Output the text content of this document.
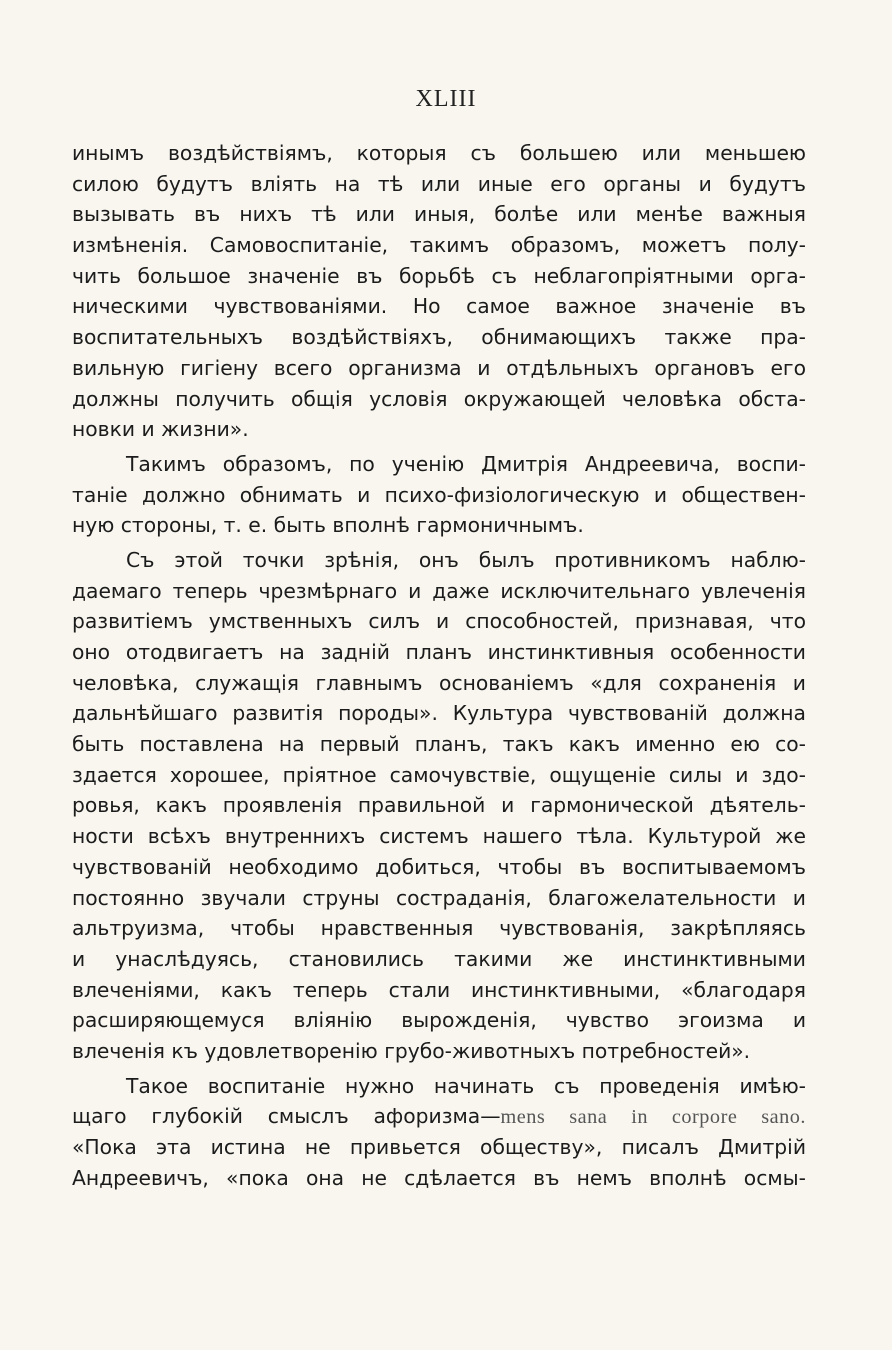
XLIII
инымъ воздѣйствіямъ, которыя съ большею или меньшею
силою будутъ влiять на тѣ или иные его органы и будутъ
вызывать въ нихъ тѣ или иныя, болѣе или менѣе важныя
измѣненія. Самовоспитаніе, такимъ образомъ, можетъ полу-
чить большое значеніе въ борьбѣ съ неблагопріятными орга-
ническими чувствованіями. Но самое важное значеніе въ
воспитательныхъ воздѣйствіяхъ, обнимающихъ также пра-
вильную гигіену всего организма и отдѣльныхъ органовъ его
должны получить общія условія окружающей человѣка обста-
новки и жизни».
Такимъ образомъ, по ученію Дмитрія Андреевича, воспи-
таніе должно обнимать и психо-физіологическую и обществен-
ную стороны, т. е. быть вполнѣ гармоничнымъ.
Съ этой точки зрѣнія, онъ былъ противникомъ наблю-
даемаго теперь чрезмѣрнаго и даже исключительнаго увлеченія
развитіемъ умственныхъ силъ и способностей, признавая, что
оно отодвигаетъ на задній планъ инстинктивныя особенности
человѣка, служащія главнымъ основаніемъ «для сохраненія и
дальнѣйшаго развитія породы». Культура чувствованій должна
быть поставлена на первый планъ, такъ какъ именно ею со-
здается хорошее, пріятное самочувствіе, ощущеніе силы и здо-
ровья, какъ проявленія правильной и гармонической дѣятель-
ности всѣхъ внутреннихъ системъ нашего тѣла. Культурой же
чувствованій необходимо добиться, чтобы въ воспитываемомъ
постоянно звучали струны состраданія, благожелательности и
альтруизма, чтобы нравственныя чувствованія, закрѣпляясь
и унаслѣдуясь, становились такими же инстинктивными
влеченіями, какъ теперь стали инстинктивными, «благодаря
расширяющемуся вліянію вырожденія, чувство эгоизма и
влеченія къ удовлетворенію грубо-животныхъ потребностей».
Такое воспитаніе нужно начинать съ проведенія имѣю-
щаго глубокій смыслъ афоризма—mens sana in corpore sano.
«Пока эта истина не привьется обществу», писалъ Дмитрій
Андреевичъ, «пока она не сдѣлается въ немъ вполнѣ осмы-
